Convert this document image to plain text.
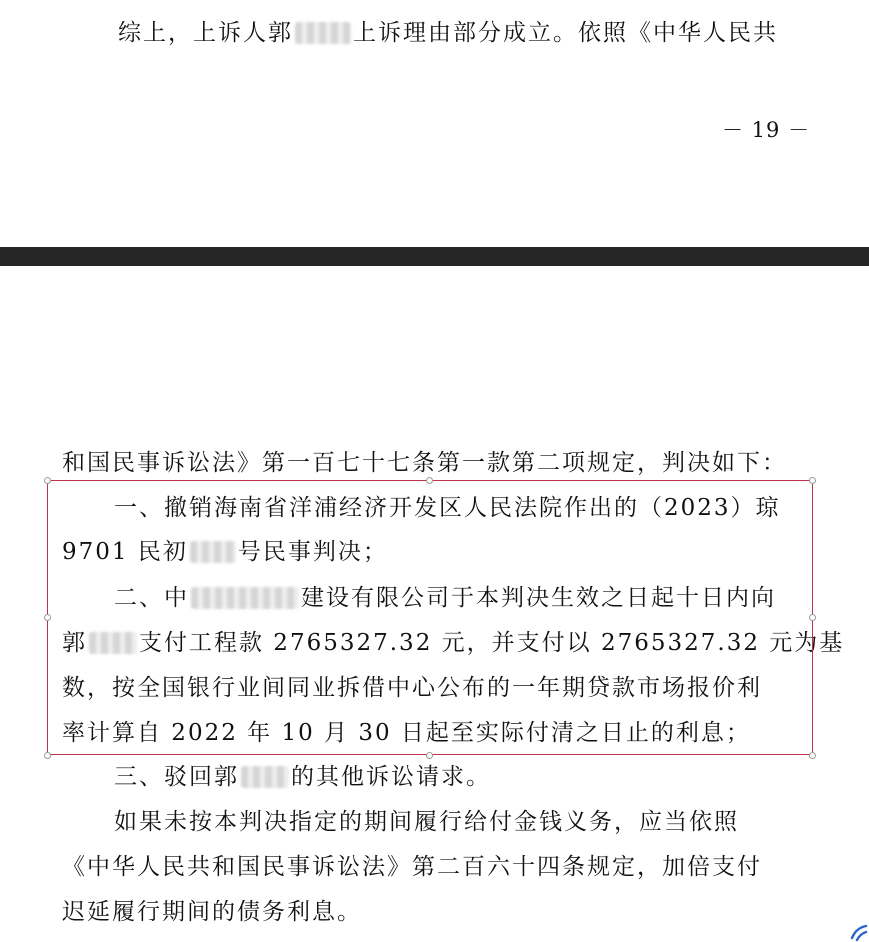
综上，上诉人郭	上诉理由部分成立。依照《中华人民共
－ 19 －
和国民事诉讼法》第一百七十七条第一款第二项规定，判决如下：
一、撤销海南省洋浦经济开发区人民法院作出的（2023）琼
9701 民初 号民事判决；
二、中	建设有限公司于本判决生效之日起十日内向
郭 支付工程款 2765327.32 元，并支付以 2765327.32 元为基
数，按全国银行业间同业拆借中心公布的一年期贷款市场报价利
率计算自 2022 年 10 月 30 日起至实际付清之日止的利息；
三、驳回郭 的其他诉讼请求。
如果未按本判决指定的期间履行给付金钱义务，应当依照
《中华人民共和国民事诉讼法》第二百六十四条规定，加倍支付
迟延履行期间的债务利息。
